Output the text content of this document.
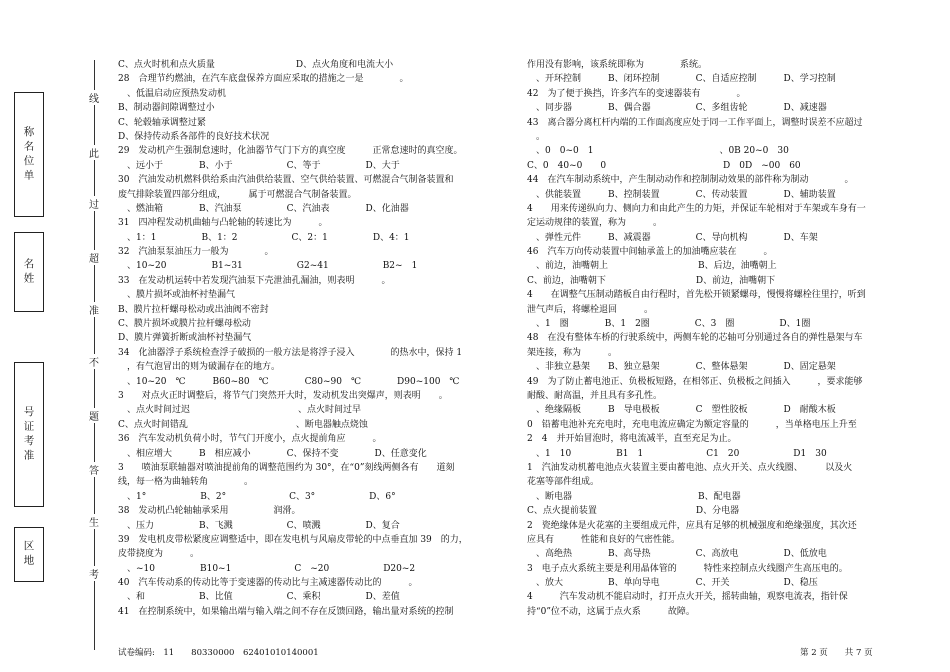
称名位单
名姓
号证考准
区地
线
此
过
超
准
不
题
答
生
考
C、点火时机和点火质量　　　　　　　　　D、点火角度和电流大小
28　合理节约燃油，在汽车底盘保养方面应采取的措施之一是　　　　。
　、低温启动应预热发动机
B、制动器间隙调整过小
C、轮毂轴承调整过紧
D、保持传动系各部件的良好技术状况
29　发动机产生强制怠速时，化油器节气门下方的真空度　　　正常怠速时的真空度。
　、远小于　　　　B、小于　　　　　　C、等于　　　　　D、大于
30　汽油发动机燃料供给系由汽油供给装置、空气供给装置、可燃混合气制备装置和
废气排除装置四部分组成，　　　属于可燃混合气制备装置。
　、燃油箱　　　　B、汽油泵　　　　　C、汽油表　　　　D、化油器
31　四冲程发动机曲轴与凸轮轴的转速比为　　　。
　、1：1　　　　　B、1：2　　　　　　C、2：1　　　　　D、4：1
32　汽油泵泵油压力一般为　　　　。
　、10~20　　　　　B1~31　　　　　　G2~41　　　　　　B2~　1
33　在发动机运转中若发现汽油泵下壳泄油孔漏油，则表明　　　。
　、膜片损坏或油杯衬垫漏气
B、膜片拉杆螺母松动或出油阀不密封
C、膜片损坏或膜片拉杆螺母松动
D、膜片弹簧折断或油杯衬垫漏气
34　化油器浮子系统检查浮子破损的一般方法是将浮子浸入　　　　的热水中，保持 1
　，有气泡冒出的则为破漏存在的地方。
　、10~20　℃　　　B60~80　℃　　　　C80~90　℃　　　　D90~100　℃
3　　对点火正时调整后，将节气门突然开大时，发动机发出突爆声，则表明　　。
　、点火时间过迟　　　　　　　　　　　　、点火时间过早
C、点火时间错乱　　　　　　　　　　　　、断电器触点烧蚀
36　汽车发动机负荷小时，节气门开度小，点火提前角应　　　。
　、相应增大　　　B　相应减小　　　　C、保持不变　　　　D、任意变化
3　　喷油泵联轴器对喷油提前角的调整范围约为 30°，在“0”刻线两侧各有　　道刻
线，每一格为曲轴转角　　　　。
　、1°　　　　　　B、2°　　　　　　　C、3°　　　　　　D、6°
38　发动机凸轮轴轴承采用　　　　　润滑。
　、压力　　　　　B、飞溅　　　　　　C、喷溅　　　　　D、复合
39　发电机皮带松紧度应调整适中，即在发电机与风扇皮带轮的中点垂直加 39　的力，
皮带挠度为　　　。
　、~10　　　　　B10~1　　　　　　　C　~20　　　　　　D20~2
40　汽车传动系的传动比等于变速器的传动比与主减速器传动比的　　　。
　、和　　　　　　B、比值　　　　　　C、乘积　　　　　D、差值
41　在控制系统中，如果输出端与输入端之间不存在反馈回路，输出量对系统的控制
作用没有影响，该系统即称为　　　　系统。
　、开环控制　　　B、闭环控制　　　　C、自适应控制　　　D、学习控制
42　为了便于换挡，许多汽车的变速器装有　　　　。
　、同步器　　　　B、偶合器　　　　　C、多组齿轮　　　　D、减速器
43　离合器分离杠杆内端的工作面高度应处于同一工作平面上，调整时误差不应超过
　。
　、0　0~0　1　　　　　　　　　　　　　　、0B 20~0　30
C、0　40~0　　0　　　　　　　　　　　　　D　0D　~00　60
44　在汽车制动系统中，产生制动动作和控制制动效果的部件称为制动　　　　。
　、供能装置　　　B、控制装置　　　　C、传动装置　　　　D、辅助装置
4　　用来传递纵向力、侧向力和由此产生的力矩，并保证车轮相对于车架或车身有一
定运动规律的装置，称为　　　。
　、弹性元件　　　B、减震器　　　　　C、导向机构　　　　D、车架
46　汽车万向传动装置中间轴承盖上的加油嘴应装在　　　。
　、前边，油嘴朝上　　　　　　　　　　B、后边，油嘴朝上
C、前边，油嘴朝下　　　　　　　　　　D、前边，油嘴朝下
4　　在调整气压制动踏板自由行程时，首先松开锁紧螺母，慢慢将螺栓往里拧，听到
泄气声后，将螺栓退回　　　。
　、1　圈　　　　B、1　2圈　　　　　C、3　圈　　　　　D、1圈
48　在没有整体车桥的行驶系统中，两侧车轮的芯轴可分别通过各自的弹性悬架与车
架连接，称为　　　。
　、非独立悬架　　B、独立悬架　　　　C、整体悬架　　　　D、固定悬架
49　为了防止蓄电池正、负极板短路，在相邻正、负极板之间插入　　　，要求能够
耐酸、耐高温，并且具有多孔性。
　、绝缘隔板　　　B　导电极板　　　　C　塑性胶板　　　　D　耐酸木板
0　铅蓄电池补充充电时，充电电流应确定为额定容量的　　　，当单格电压上升至
2　4　并开始冒泡时，将电流减半，直至充足为止。
　、1　10　　　　　B1　1　　　　　　　C1　20　　　　　　D1　30
1　汽油发动机蓄电池点火装置主要由蓄电池、点火开关、点火线圈、　　　以及火
花塞等部件组成。
　、断电器　　　　　　　　　　　　　　B、配电器
C、点火提前装置　　　　　　　　　　　D、分电器
2　瓷绝缘体是火花塞的主要组成元件，应具有足够的机械强度和绝缘强度，其次还
应具有　　　性能和良好的气密性能。
　、高绝热　　　　B、高导热　　　　　C、高放电　　　　　D、低放电
3　电子点火系统主要是利用晶体管的　　　特性来控制点火线圈产生高压电的。
　、放大　　　　　B、单向导电　　　　C、开关　　　　　　D、稳压
4　　　汽车发动机不能启动时，打开点火开关，摇转曲轴，观察电流表，指针保
持“0”位不动，这属于点火系　　　故障。
试卷编码:　11　　80330000　62401010140001	第 2 页　　共 7 页
